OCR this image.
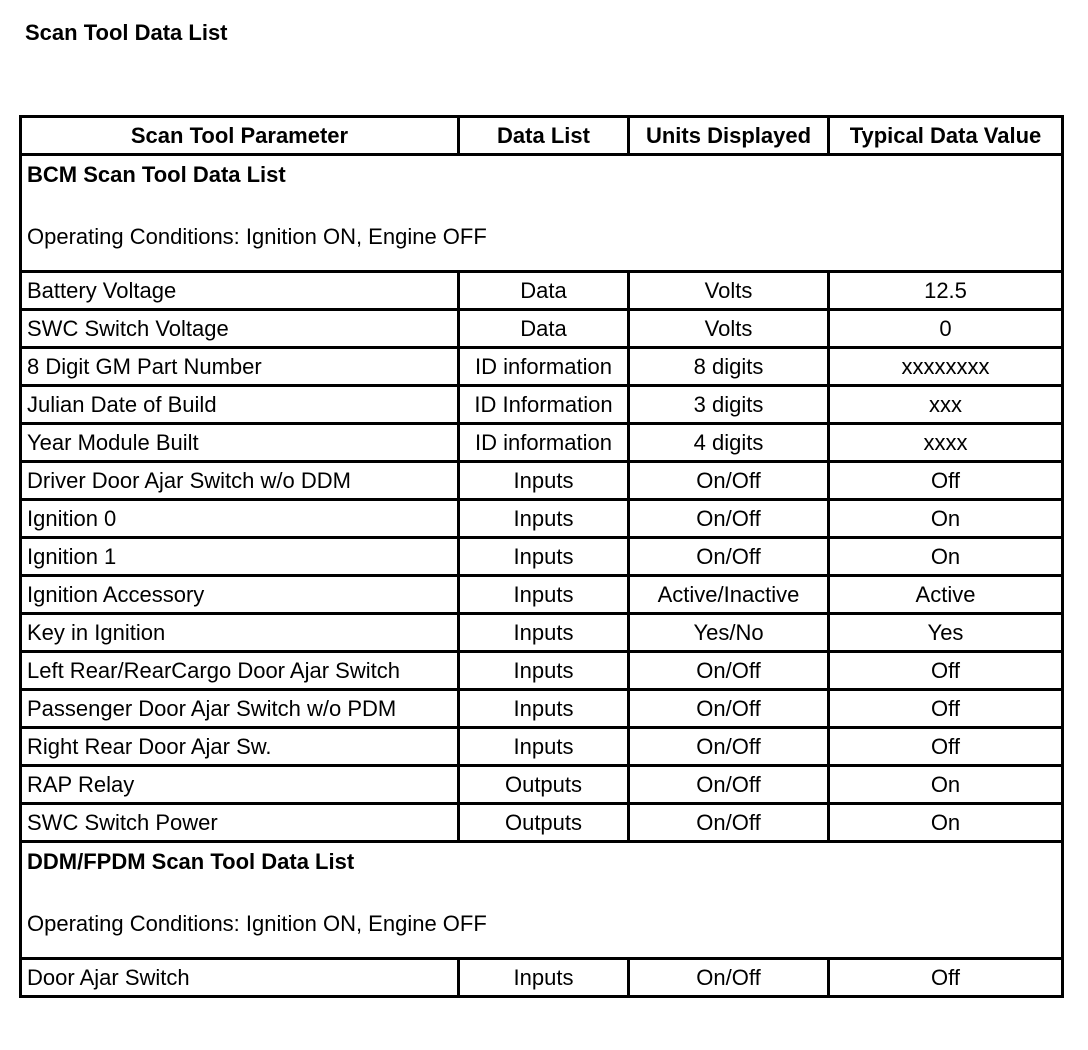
Scan Tool Data List
Scan Tool Parameter	Data List	Units Displayed	Typical Data Value

BCM Scan Tool Data List
Operating Conditions: Ignition ON, Engine OFF			

Battery Voltage	Data	Volts	12.5
SWC Switch Voltage	Data	Volts	0
8 Digit GM Part Number	ID information	8 digits	xxxxxxxx
Julian Date of Build	ID Information	3 digits	xxx
Year Module Built	ID information	4 digits	xxxx
Driver Door Ajar Switch w/o DDM	Inputs	On/Off	Off
Ignition 0	Inputs	On/Off	On
Ignition 1	Inputs	On/Off	On
Ignition Accessory	Inputs	Active/Inactive	Active
Key in Ignition	Inputs	Yes/No	Yes
Left Rear/RearCargo Door Ajar Switch	Inputs	On/Off	Off
Passenger Door Ajar Switch w/o PDM	Inputs	On/Off	Off
Right Rear Door Ajar Sw.	Inputs	On/Off	Off
RAP Relay	Outputs	On/Off	On
SWC Switch Power	Outputs	On/Off	On

DDM/FPDM Scan Tool Data List
Operating Conditions: Ignition ON, Engine OFF			

Door Ajar Switch	Inputs	On/Off	Off
